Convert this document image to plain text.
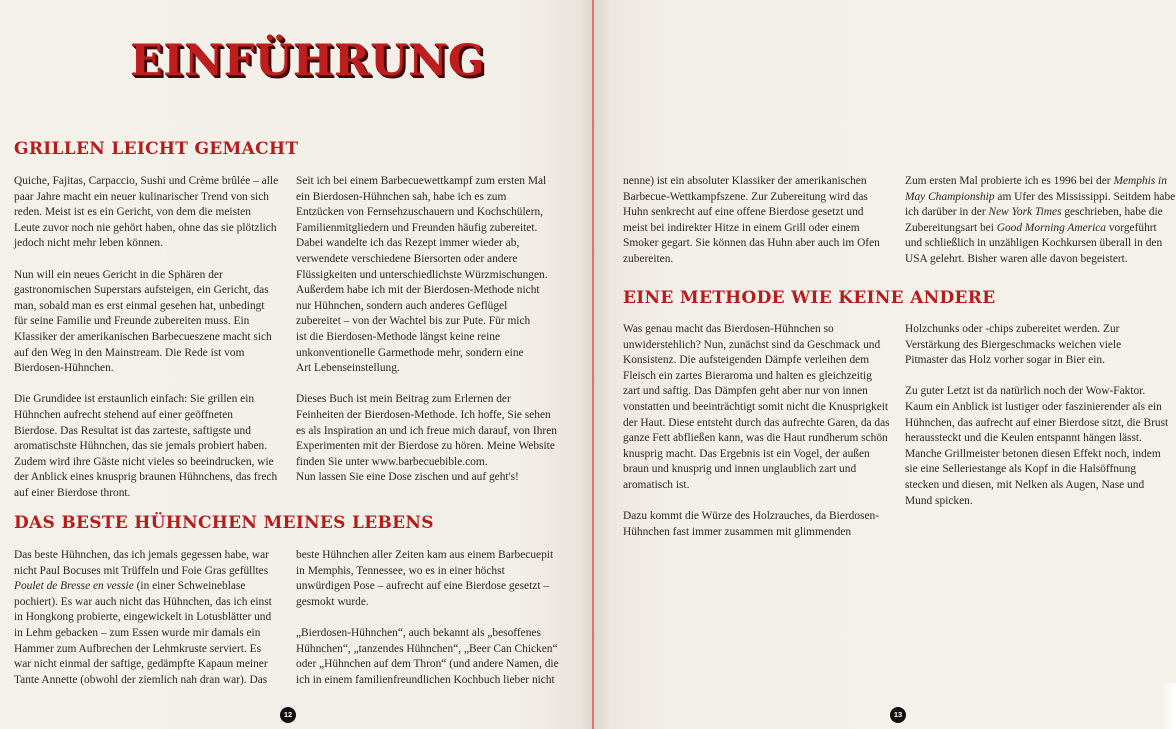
EINFÜHRUNG
GRILLEN LEICHT GEMACHT

Quiche, Fajitas, Carpaccio, Sushi und Crème brûlée – alle
paar Jahre macht ein neuer kulinarischer Trend von sich
reden. Meist ist es ein Gericht, von dem die meisten
Leute zuvor noch nie gehört haben, ohne das sie plötzlich
jedoch nicht mehr leben können.

Nun will ein neues Gericht in die Sphären der
gastronomischen Superstars aufsteigen, ein Gericht, das
man, sobald man es erst einmal gesehen hat, unbedingt
für seine Familie und Freunde zubereiten muss. Ein
Klassiker der amerikanischen Barbecueszene macht sich
auf den Weg in den Mainstream. Die Rede ist vom
Bierdosen-Hühnchen.

Die Grundidee ist erstaunlich einfach: Sie grillen ein
Hühnchen aufrecht stehend auf einer geöffneten
Bierdose. Das Resultat ist das zarteste, saftigste und
aromatischste Hühnchen, das sie jemals probiert haben.
Zudem wird ihre Gäste nicht vieles so beeindrucken, wie
der Anblick eines knusprig braunen Hühnchens, das frech
auf einer Bierdose thront.

Seit ich bei einem Barbecuewettkampf zum ersten Mal
ein Bierdosen-Hühnchen sah, habe ich es zum
Entzücken von Fernsehzuschauern und Kochschülern,
Familienmitgliedern und Freunden häufig zubereitet.
Dabei wandelte ich das Rezept immer wieder ab,
verwendete verschiedene Biersorten oder andere
Flüssigkeiten und unterschiedlichste Würzmischungen.
Außerdem habe ich mit der Bierdosen-Methode nicht
nur Hühnchen, sondern auch anderes Geflügel
zubereitet – von der Wachtel bis zur Pute. Für mich
ist die Bierdosen-Methode längst keine reine
unkonventionelle Garmethode mehr, sondern eine
Art Lebenseinstellung.

Dieses Buch ist mein Beitrag zum Erlernen der
Feinheiten der Bierdosen-Methode. Ich hoffe, Sie sehen
es als Inspiration an und ich freue mich darauf, von Ihren
Experimenten mit der Bierdose zu hören. Meine Website
finden Sie unter www.barbecuebible.com.
Nun lassen Sie eine Dose zischen und auf geht's!

DAS BESTE HÜHNCHEN MEINES LEBENS

Das beste Hühnchen, das ich jemals gegessen habe, war
nicht Paul Bocuses mit Trüffeln und Foie Gras gefülltes
Poulet de Bresse en vessie (in einer Schweineblase
pochiert). Es war auch nicht das Hühnchen, das ich einst
in Hongkong probierte, eingewickelt in Lotusblätter und
in Lehm gebacken – zum Essen wurde mir damals ein
Hammer zum Aufbrechen der Lehmkruste serviert. Es
war nicht einmal der saftige, gedämpfte Kapaun meiner
Tante Annette (obwohl der ziemlich nah dran war). Das

beste Hühnchen aller Zeiten kam aus einem Barbecuepit
in Memphis, Tennessee, wo es in einer höchst
unwürdigen Pose – aufrecht auf eine Bierdose gesetzt –
gesmokt wurde.

„Bierdosen-Hühnchen“, auch bekannt als „besoffenes
Hühnchen“, „tanzendes Hühnchen“, „Beer Can Chicken“
oder „Hühnchen auf dem Thron“ (und andere Namen, die
ich in einem familienfreundlichen Kochbuch lieber nicht

12

nenne) ist ein absoluter Klassiker der amerikanischen
Barbecue-Wettkampfszene. Zur Zubereitung wird das
Huhn senkrecht auf eine offene Bierdose gesetzt und
meist bei indirekter Hitze in einem Grill oder einem
Smoker gegart. Sie können das Huhn aber auch im Ofen
zubereiten.

Zum ersten Mal probierte ich es 1996 bei der Memphis in
May Championship am Ufer des Mississippi. Seitdem habe
ich darüber in der New York Times geschrieben, habe die
Zubereitungsart bei Good Morning America vorgeführt
und schließlich in unzähligen Kochkursen überall in den
USA gelehrt. Bisher waren alle davon begeistert.

EINE METHODE WIE KEINE ANDERE

Was genau macht das Bierdosen-Hühnchen so
unwiderstehlich? Nun, zunächst sind da Geschmack und
Konsistenz. Die aufsteigenden Dämpfe verleihen dem
Fleisch ein zartes Bieraroma und halten es gleichzeitig
zart und saftig. Das Dämpfen geht aber nur von innen
vonstatten und beeinträchtigt somit nicht die Knusprigkeit
der Haut. Diese entsteht durch das aufrechte Garen, da das
ganze Fett abfließen kann, was die Haut rundherum schön
knusprig macht. Das Ergebnis ist ein Vogel, der außen
braun und knusprig und innen unglaublich zart und
aromatisch ist.

Dazu kommt die Würze des Holzrauches, da Bierdosen-
Hühnchen fast immer zusammen mit glimmenden

Holzchunks oder -chips zubereitet werden. Zur
Verstärkung des Biergeschmacks weichen viele
Pitmaster das Holz vorher sogar in Bier ein.

Zu guter Letzt ist da natürlich noch der Wow-Faktor.
Kaum ein Anblick ist lustiger oder faszinierender als ein
Hühnchen, das aufrecht auf einer Bierdose sitzt, die Brust
heraussteckt und die Keulen entspannt hängen lässt.
Manche Grillmeister betonen diesen Effekt noch, indem
sie eine Selleriestange als Kopf in die Halsöffnung
stecken und diesen, mit Nelken als Augen, Nase und
Mund spicken.

13
